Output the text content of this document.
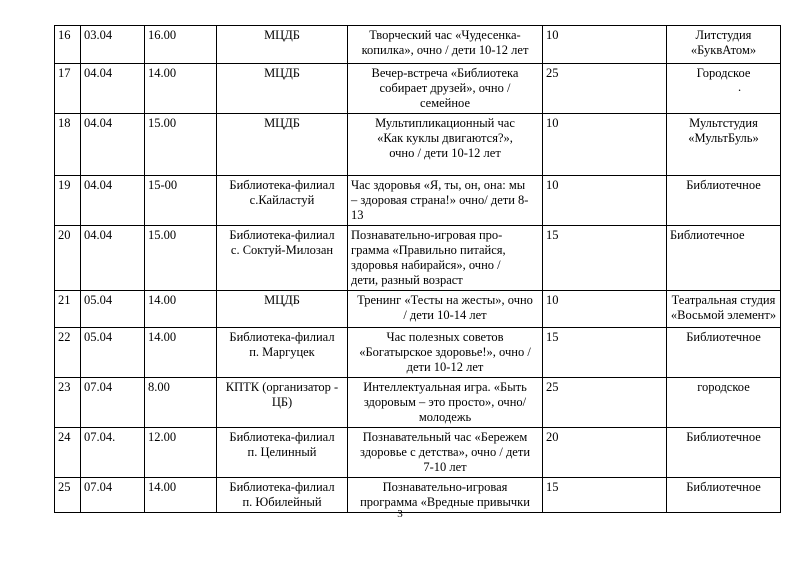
16	03.04	16.00	МЦДБ	Творческий час «Чудесенка-
копилка», очно / дети 10-12 лет	10	Литстудия «БуквАтом»

17	04.04	14.00	МЦДБ	Вечер-встреча «Библиотека
собирает друзей», очно /
семейное	25	Городское
.

18	04.04	15.00	МЦДБ	Мультипликационный час
«Как куклы двигаются?»,
очно / дети 10-12 лет	10	Мультстудия «МультБуль»

19	04.04	15-00	Библиотека-филиал
с.Кайластуй	Час здоровья «Я, ты, он, она: мы
– здоровая страна!» очно/ дети 8-
13	10	Библиотечное

20	04.04	15.00	Библиотека-филиал
с. Соктуй-Милозан	Познавательно-игровая про-
грамма «Правильно питайся,
здоровья набирайся», очно /
дети, разный возраст	15	Библиотечное

21	05.04	14.00	МЦДБ	Тренинг «Тесты на жесты», очно
/ дети 10-14 лет	10	Театральная студия
«Восьмой элемент»

22	05.04	14.00	Библиотека-филиал
п. Маргуцек	Час полезных советов
«Богатырское здоровье!», очно /
дети 10-12 лет	15	Библиотечное

23	07.04	8.00	КПТК (организатор -
ЦБ)	Интеллектуальная игра. «Быть
здоровым – это просто», очно/
молодежь	25	городское

24	07.04.	12.00	Библиотека-филиал
п. Целинный	Познавательный час «Бережем
здоровье с детства», очно / дети
7-10 лет	20	Библиотечное

25	07.04	14.00	Библиотека-филиал
п. Юбилейный	Познавательно-игровая
программа «Вредные привычки	15	Библиотечное
3
